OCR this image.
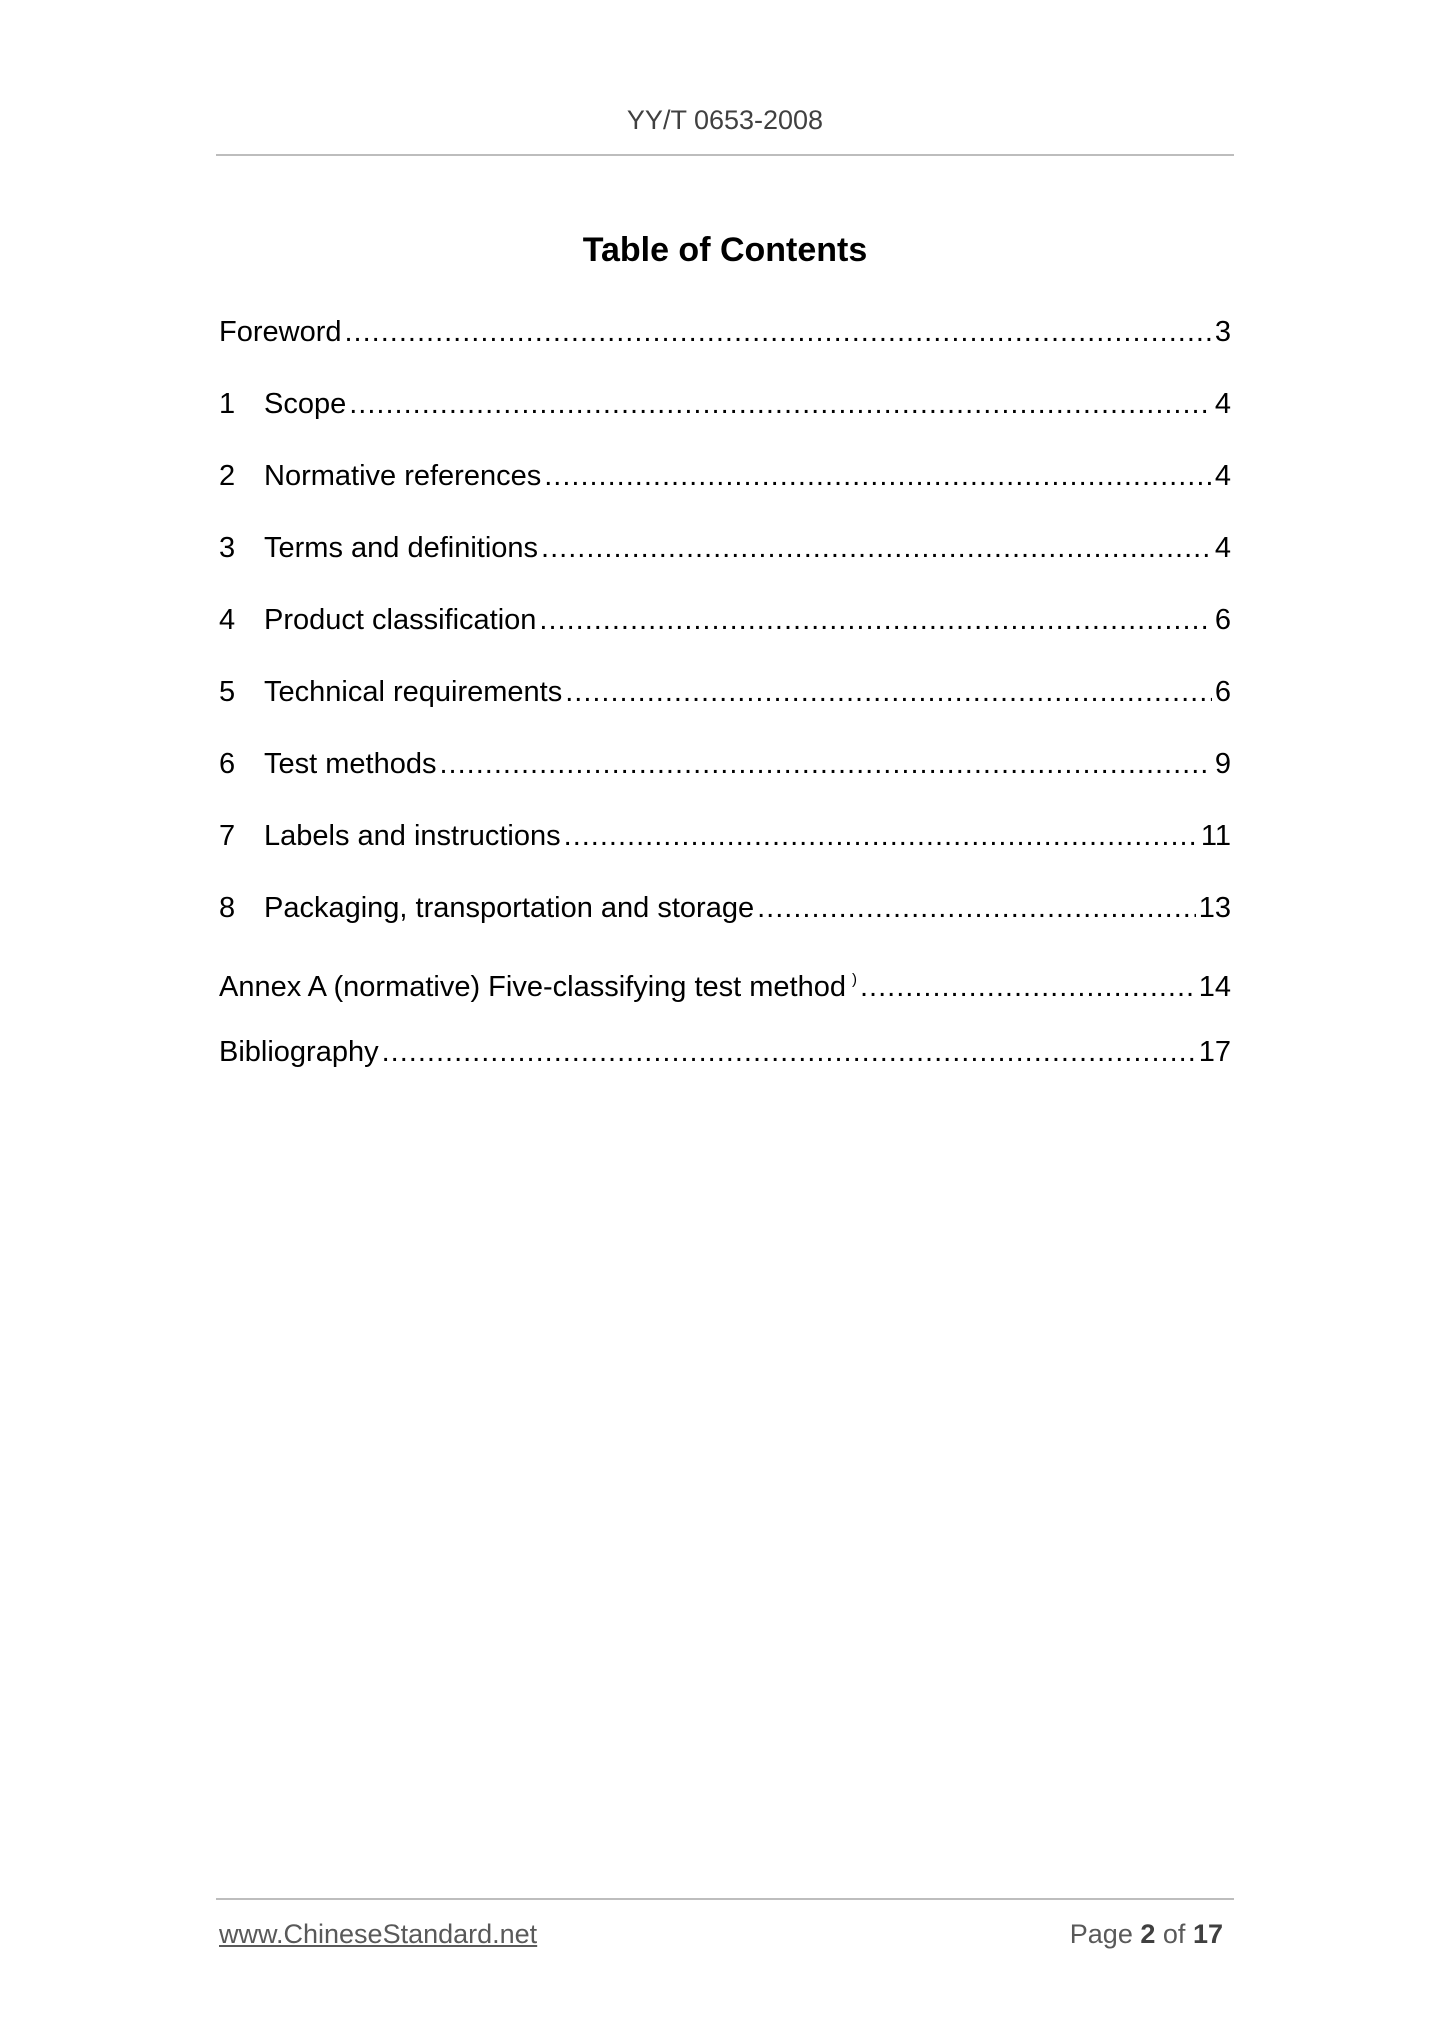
YY/T 0653-2008
Table of Contents
Foreword .....	3
1 Scope .....	4
2 Normative references .....	4
3 Terms and definitions .....	4
4 Product classification .....	6
5 Technical requirements .....	6
6 Test methods .....	9
7 Labels and instructions .....	11
8 Packaging, transportation and storage .....	13
Annex A (normative) Five-classifying test method ) .....	14
Bibliography .....	17
www.ChineseStandard.net	Page 2 of 17
